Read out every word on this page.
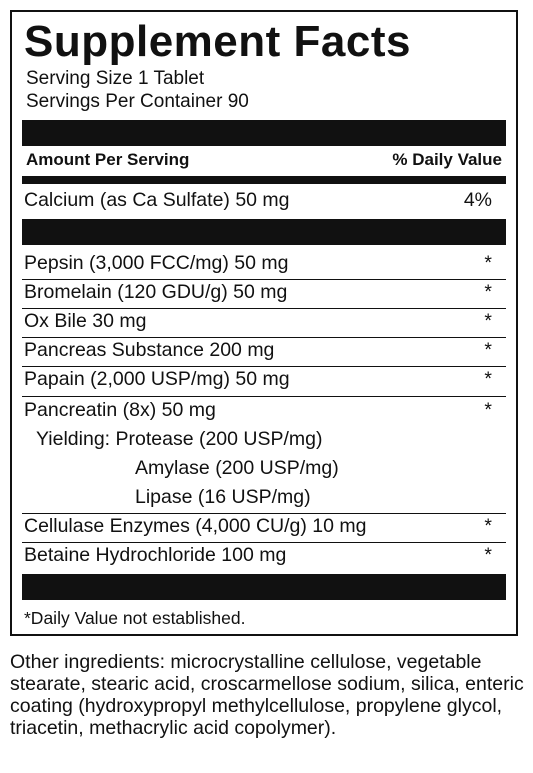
Supplement Facts
Serving Size 1 Tablet
Servings Per Container 90
Amount Per Serving	% Daily Value
Calcium (as Ca Sulfate) 50 mg	4%
Pepsin (3,000 FCC/mg) 50 mg	*
Bromelain (120 GDU/g) 50 mg	*
Ox Bile 30 mg	*
Pancreas Substance 200 mg	*
Papain (2,000 USP/mg) 50 mg	*
Pancreatin (8x) 50 mg	*
Yielding: Protease (200 USP/mg)
Amylase (200 USP/mg)
Lipase (16 USP/mg)
Cellulase Enzymes (4,000 CU/g) 10 mg	*
Betaine Hydrochloride 100 mg	*
*Daily Value not established.
Other ingredients: microcrystalline cellulose, vegetable stearate, stearic acid, croscarmellose sodium, silica, enteric coating (hydroxypropyl methylcellulose, propylene glycol, triacetin, methacrylic acid copolymer).
